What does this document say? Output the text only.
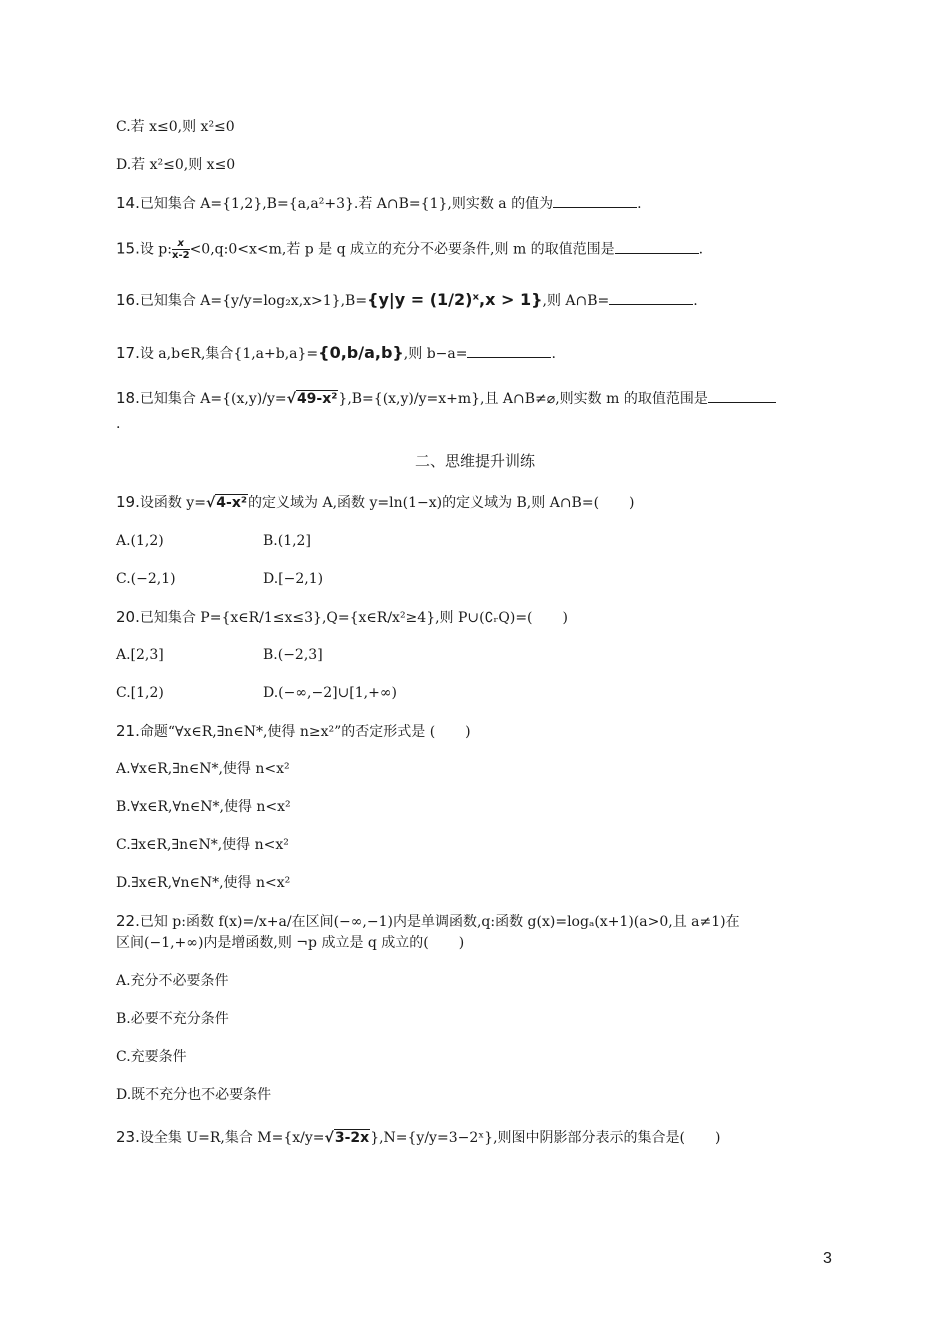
C.若 x≤0,则 x²≤0
D.若 x²≤0,则 x≤0
14.已知集合 A={1,2},B={a,a²+3}.若 A∩B={1},则实数 a 的值为	.
15.设 p: $\frac{x}{x-2}$ <0,q:0<x<m,若 p 是 q 成立的充分不必要条件,则 m 的取值范围是	.
16.已知集合 A={y/y=log₂x,x>1},B={y|y = (1/2)ˣ,x > 1},则 A∩B=	.
17.设 a,b∈R,集合{1,a+b,a}={0,b/a,b},则 b−a=	.
18.已知集合 A={(x,y)/y=√49-x²},B={(x,y)/y=x+m},且 A∩B≠⌀,则实数 m 的取值范围是
.
二、思维提升训练
19.设函数 y=√4-x²的定义域为 A,函数 y=ln(1−x)的定义域为 B,则 A∩B=( )
A.(1,2)	B.(1,2]
C.(−2,1)	D.[−2,1)
20.已知集合 P={x∈R/1≤x≤3},Q={x∈R/x²≥4},则 P∪(∁ᵣQ)=( )
A.[2,3]	B.(−2,3]
C.[1,2)	D.(−∞,−2]∪[1,+∞)
21.命题“∀x∈R,∃n∈N*,使得 n≥x²”的否定形式是 ( )
A.∀x∈R,∃n∈N*,使得 n<x²
B.∀x∈R,∀n∈N*,使得 n<x²
C.∃x∈R,∃n∈N*,使得 n<x²
D.∃x∈R,∀n∈N*,使得 n<x²
22.已知 p:函数 f(x)=/x+a/在区间(−∞,−1)内是单调函数,q:函数 g(x)=logₐ(x+1)(a>0,且 a≠1)在
区间(−1,+∞)内是增函数,则 ¬p 成立是 q 成立的( )
A.充分不必要条件
B.必要不充分条件
C.充要条件
D.既不充分也不必要条件
23.设全集 U=R,集合 M={x/y=√3-2x},N={y/y=3−2ˣ},则图中阴影部分表示的集合是( )
3
